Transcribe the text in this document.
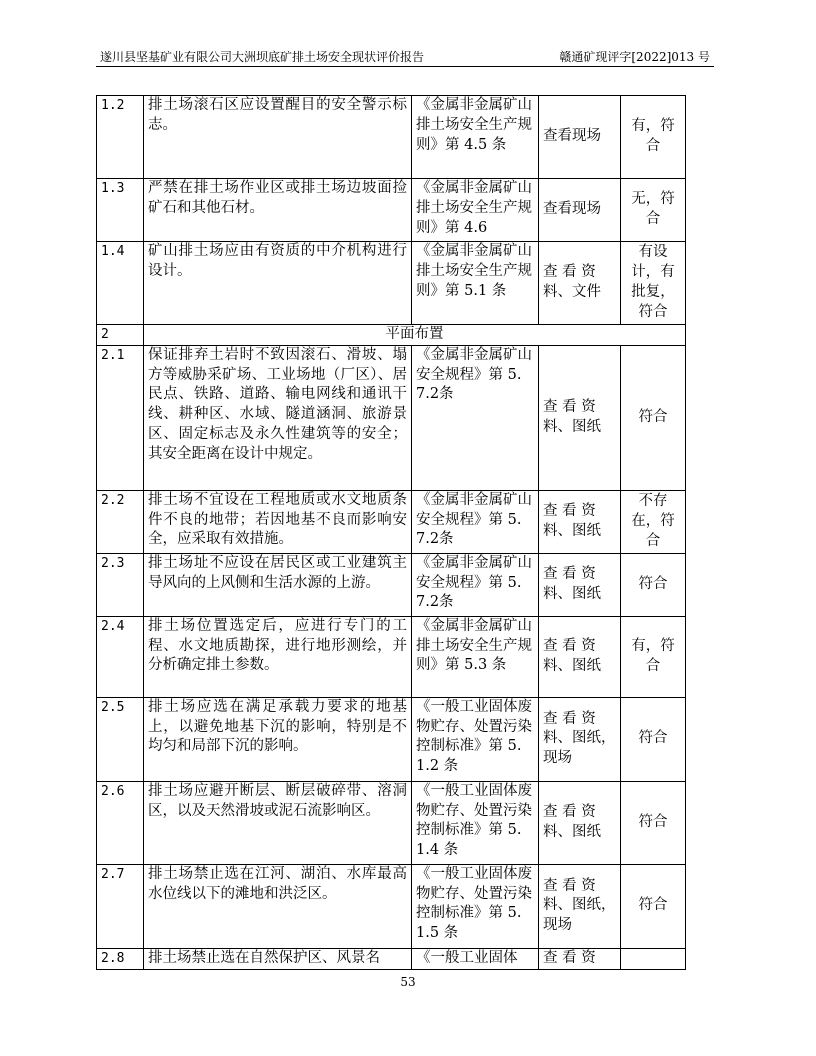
遂川县坚基矿业有限公司大洲坝底矿排土场安全现状评价报告	赣通矿现评字[2022]013 号
1.2	排土场滚石区应设置醒目的安全警示标志。	《金属非金属矿山排土场安全生产规则》第 4.5 条	查看现场	有，符合
1.3	严禁在排土场作业区或排土场边坡面捡矿石和其他石材。	《金属非金属矿山排土场安全生产规则》第 4.6	查看现场	无，符合
1.4	矿山排土场应由有资质的中介机构进行设计。	《金属非金属矿山排土场安全生产规则》第 5.1 条	查 看 资料、文件	有设计，有批复，符合
2	平面布置			
2.1	保证排弃土岩时不致因滚石、滑坡、塌方等威胁采矿场、工业场地（厂区）、居民点、铁路、道路、输电网线和通讯干线、耕种区、水域、隧道涵洞、旅游景区、固定标志及永久性建筑等的安全；其安全距离在设计中规定。	《金属非金属矿山安全规程》第 5.7.2条	查 看 资料、图纸	符合
2.2	排土场不宜设在工程地质或水文地质条件不良的地带；若因地基不良而影响安全，应采取有效措施。	《金属非金属矿山安全规程》第 5.7.2条	查 看 资料、图纸	不存在，符合
2.3	排土场址不应设在居民区或工业建筑主导风向的上风侧和生活水源的上游。	《金属非金属矿山安全规程》第 5.7.2条	查 看 资料、图纸	符合
2.4	排土场位置选定后，应进行专门的工程、水文地质勘探，进行地形测绘，并分析确定排土参数。	《金属非金属矿山排土场安全生产规则》第 5.3 条	查 看 资料、图纸	有，符合
2.5	排土场应选在满足承载力要求的地基上，以避免地基下沉的影响，特别是不均匀和局部下沉的影响。	《一般工业固体废物贮存、处置污染控制标准》第 5.1.2 条	查 看 资料、图纸，现场	符合
2.6	排土场应避开断层、断层破碎带、溶洞区，以及天然滑坡或泥石流影响区。	《一般工业固体废物贮存、处置污染控制标准》第 5.1.4 条	查 看 资料、图纸	符合
2.7	排土场禁止选在江河、湖泊、水库最高水位线以下的滩地和洪泛区。	《一般工业固体废物贮存、处置污染控制标准》第 5.1.5 条	查 看 资料、图纸，现场	符合
2.8	排土场禁止选在自然保护区、风景名	《一般工业固体	查 看 资	
53
